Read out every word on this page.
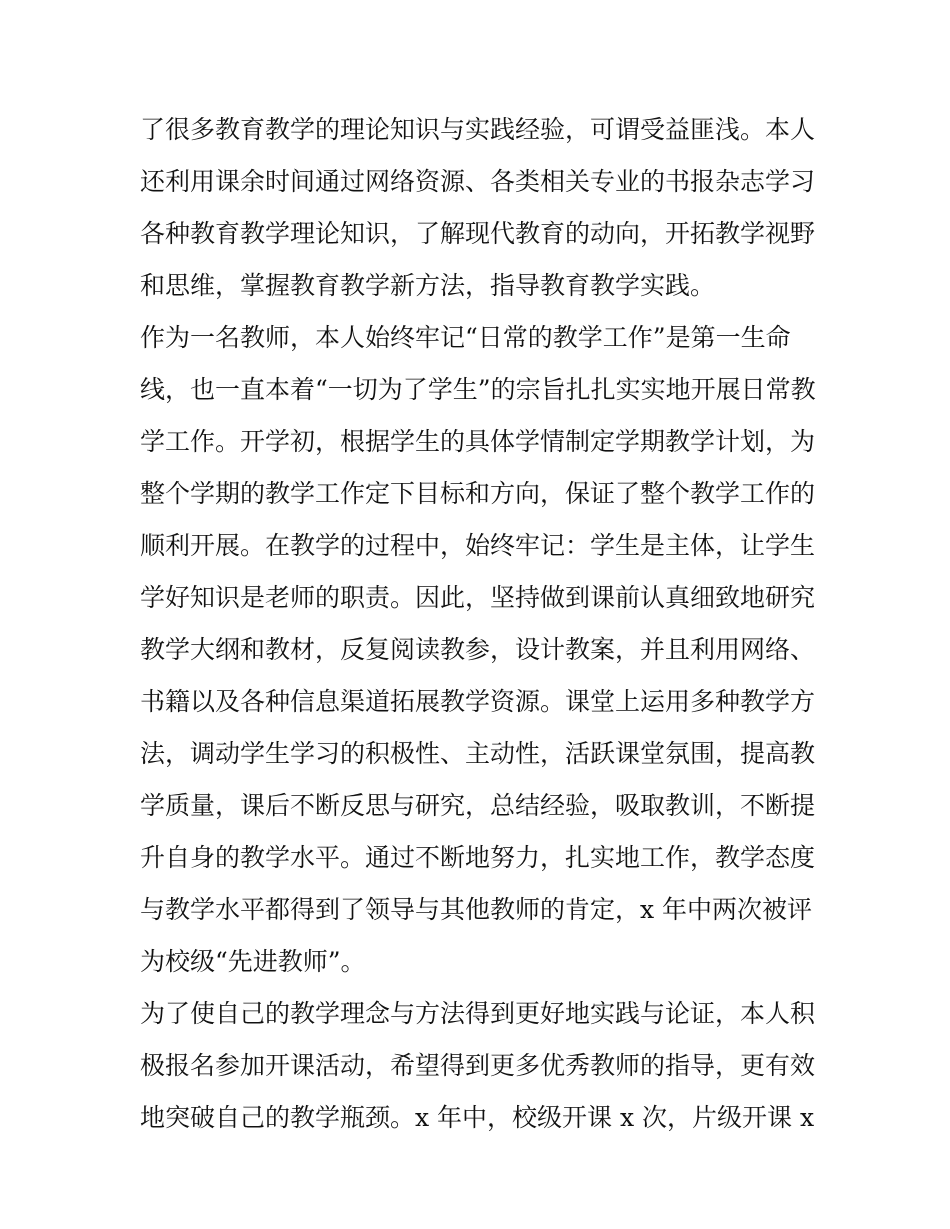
了很多教育教学的理论知识与实践经验，可谓受益匪浅。本人
还利用课余时间通过网络资源、各类相关专业的书报杂志学习
各种教育教学理论知识，了解现代教育的动向，开拓教学视野
和思维，掌握教育教学新方法，指导教育教学实践。
作为一名教师，本人始终牢记“日常的教学工作”是第一生命
线，也一直本着“一切为了学生”的宗旨扎扎实实地开展日常教
学工作。开学初，根据学生的具体学情制定学期教学计划，为
整个学期的教学工作定下目标和方向，保证了整个教学工作的
顺利开展。在教学的过程中，始终牢记：学生是主体，让学生
学好知识是老师的职责。因此，坚持做到课前认真细致地研究
教学大纲和教材，反复阅读教参，设计教案，并且利用网络、
书籍以及各种信息渠道拓展教学资源。课堂上运用多种教学方
法，调动学生学习的积极性、主动性，活跃课堂氛围，提高教
学质量，课后不断反思与研究，总结经验，吸取教训，不断提
升自身的教学水平。通过不断地努力，扎实地工作，教学态度
与教学水平都得到了领导与其他教师的肯定，x 年中两次被评
为校级“先进教师”。
为了使自己的教学理念与方法得到更好地实践与论证，本人积
极报名参加开课活动，希望得到更多优秀教师的指导，更有效
地突破自己的教学瓶颈。x 年中，校级开课 x 次，片级开课 x
